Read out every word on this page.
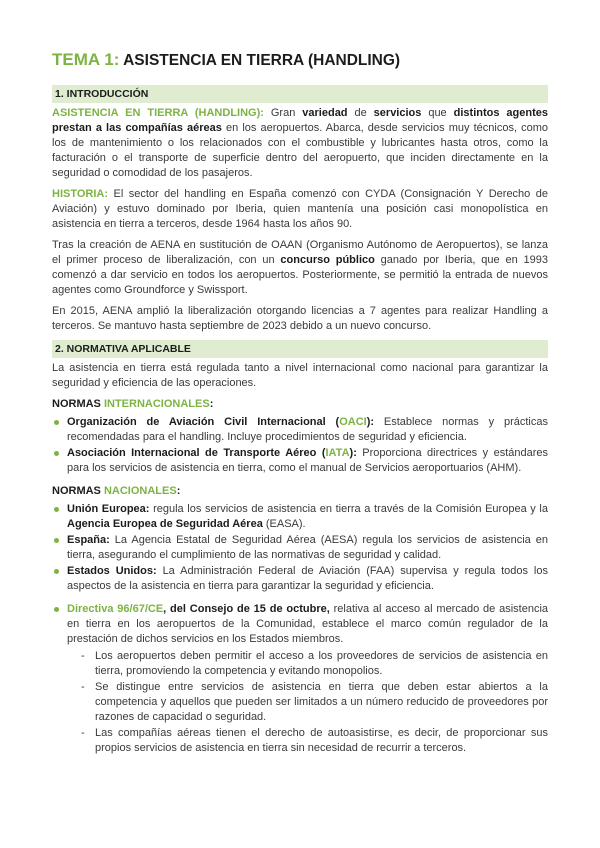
TEMA 1: ASISTENCIA EN TIERRA (HANDLING)
1. INTRODUCCIÓN

ASISTENCIA EN TIERRA (HANDLING): Gran variedad de servicios que distintos agentes prestan a las compañías aéreas en los aeropuertos. Abarca, desde servicios muy técnicos, como los de mantenimiento o los relacionados con el combustible y lubricantes hasta otros, como la facturación o el transporte de superficie dentro del aeropuerto, que inciden directamente en la seguridad o comodidad de los pasajeros.

HISTORIA: El sector del handling en España comenzó con CYDA (Consignación Y Derecho de Aviación) y estuvo dominado por Iberia, quien mantenía una posición casi monopolística en asistencia en tierra a terceros, desde 1964 hasta los años 90.

Tras la creación de AENA en sustitución de OAAN (Organismo Autónomo de Aeropuertos), se lanza el primer proceso de liberalización, con un concurso público ganado por Iberia, que en 1993 comenzó a dar servicio en todos los aeropuertos. Posteriormente, se permitió la entrada de nuevos agentes como Groundforce y Swissport.

En 2015, AENA amplió la liberalización otorgando licencias a 7 agentes para realizar Handling a terceros. Se mantuvo hasta septiembre de 2023 debido a un nuevo concurso.

2. NORMATIVA APLICABLE

La asistencia en tierra está regulada tanto a nivel internacional como nacional para garantizar la seguridad y eficiencia de las operaciones.

NORMAS INTERNACIONALES:
Organización de Aviación Civil Internacional (OACI): Establece normas y prácticas recomendadas para el handling. Incluye procedimientos de seguridad y eficiencia.
Asociación Internacional de Transporte Aéreo (IATA): Proporciona directrices y estándares para los servicios de asistencia en tierra, como el manual de Servicios aeroportuarios (AHM).
NORMAS NACIONALES:
Unión Europea: regula los servicios de asistencia en tierra a través de la Comisión Europea y la Agencia Europea de Seguridad Aérea (EASA).
España: La Agencia Estatal de Seguridad Aérea (AESA) regula los servicios de asistencia en tierra, asegurando el cumplimiento de las normativas de seguridad y calidad.
Estados Unidos: La Administración Federal de Aviación (FAA) supervisa y regula todos los aspectos de la asistencia en tierra para garantizar la seguridad y eficiencia.
Directiva 96/67/CE, del Consejo de 15 de octubre, relativa al acceso al mercado de asistencia en tierra en los aeropuertos de la Comunidad, establece el marco común regulador de la prestación de dichos servicios en los Estados miembros.
- Los aeropuertos deben permitir el acceso a los proveedores de servicios de asistencia en tierra, promoviendo la competencia y evitando monopolios.
- Se distingue entre servicios de asistencia en tierra que deben estar abiertos a la competencia y aquellos que pueden ser limitados a un número reducido de proveedores por razones de capacidad o seguridad.
- Las compañías aéreas tienen el derecho de autoasistirse, es decir, de proporcionar sus propios servicios de asistencia en tierra sin necesidad de recurrir a terceros.
